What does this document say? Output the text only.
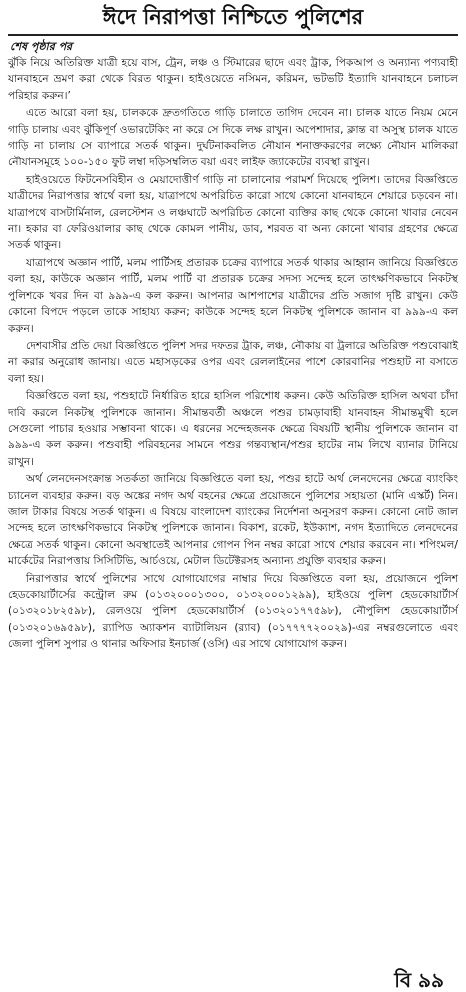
ঈদে নিরাপত্তা নিশ্চিতে পুলিশের
শেষ পৃষ্ঠার পর

ঝুঁকি নিয়ে অতিরিক্ত যাত্রী হয়ে বাস, ট্রেন, লঞ্চ ও স্টিমারের ছাদে এবং ট্রাক, পিকআপ ও অন্যান্য পণ্যবাহী যানবাহনে ভ্রমণ করা থেকে বিরত থাকুন। হাইওয়েতে নসিমন, করিমন, ভটভটি ইত্যাদি যানবাহনে চলাচল পরিহার করুন।’

এতে আরো বলা হয়, চালককে দ্রুতগতিতে গাড়ি চালাতে তাগিদ দেবেন না। চালক যাতে নিয়ম মেনে গাড়ি চালায় এবং ঝুঁকিপূর্ণ ওভারটেকিং না করে সে দিকে লক্ষ রাখুন। অপেশাদার, ক্লান্ত বা অসুস্থ চালক যাতে গাড়ি না চালায় সে ব্যাপারে সতর্ক থাকুন। দুর্ঘটনাকবলিত নৌযান শনাক্তকরণের লক্ষ্যে নৌযান মালিকরা নৌযানসমূহে ১০০-১৫০ ফুট লম্বা দড়িসম্বলিত বয়া এবং লাইফ জ্যাকেটের ব্যবস্থা রাখুন।

হাইওয়েতে ফিটনেসবিহীন ও মেয়াদোত্তীর্ণ গাড়ি না চালানোর পরামর্শ দিয়েছে পুলিশ। তাদের বিজ্ঞপ্তিতে যাত্রীদের নিরাপত্তার স্বার্থে বলা হয়, যাত্রাপথে অপরিচিত কারো সাথে কোনো যানবাহনে শেয়ারে চড়বেন না। যাত্রাপথে বাসটার্মিনাল, রেলস্টেশন ও লঞ্চঘাটে অপরিচিত কোনো ব্যক্তির কাছ থেকে কোনো খাবার নেবেন না। হকার বা ফেরিওয়ালার কাছ থেকে কোমল পানীয়, ডাব, শরবত বা অন্য কোনো খাবার গ্রহণের ক্ষেত্রে সতর্ক থাকুন।

যাত্রাপথে অজ্ঞান পার্টি, মলম পার্টিসহ প্রতারক চক্রের ব্যাপারে সতর্ক থাকার আহ্বান জানিয়ে বিজ্ঞপ্তিতে বলা হয়, কাউকে অজ্ঞান পার্টি, মলম পার্টি বা প্রতারক চক্রের সদস্য সন্দেহ হলে তাৎক্ষণিকভাবে নিকটস্থ পুলিশকে খবর দিন বা ৯৯৯-এ কল করুন। আপনার আশপাশের যাত্রীদের প্রতি সজাগ দৃষ্টি রাখুন। কেউ কোনো বিপদে পড়লে তাকে সাহায্য করুন; কাউকে সন্দেহ হলে নিকটস্থ পুলিশকে জানান বা ৯৯৯-এ কল করুন।

দেশবাসীর প্রতি দেয়া বিজ্ঞপ্তিতে পুলিশ সদর দফতর ট্রাক, লঞ্চ, নৌকায় বা ট্রলারে অতিরিক্ত পশুবোঝাই না করার অনুরোধ জানায়। এতে মহাসড়কের ওপর এবং রেললাইনের পাশে কোরবানির পশুহাট না বসাতে বলা হয়।

বিজ্ঞপ্তিতে বলা হয়, পশুহাটে নির্ধারিত হারে হাসিল পরিশোধ করুন। কেউ অতিরিক্ত হাসিল অথবা চাঁদা দাবি করলে নিকটস্থ পুলিশকে জানান। সীমান্তবর্তী অঞ্চলে পশুর চামড়াবাহী যানবাহন সীমান্তমুখী হলে সেগুলো পাচার হওয়ার সম্ভাবনা থাকে। এ ধরনের সন্দেহজনক ক্ষেত্রে বিষয়টি স্থানীয় পুলিশকে জানান বা ৯৯৯-এ কল করুন। পশুবাহী পরিবহনের সামনে পশুর গন্তব্যস্থান/পশুর হাটের নাম লিখে ব্যানার টানিয়ে রাখুন।

অর্থ লেনদেনসংক্রান্ত সতর্কতা জানিয়ে বিজ্ঞপ্তিতে বলা হয়, পশুর হাটে অর্থ লেনদেনের ক্ষেত্রে ব্যাংকিং চ্যানেল ব্যবহার করুন। বড় অঙ্কের নগদ অর্থ বহনের ক্ষেত্রে প্রয়োজনে পুলিশের সহায়তা (মানি এস্কর্ট) নিন। জাল টাকার বিষয়ে সতর্ক থাকুন। এ বিষয়ে বাংলাদেশ ব্যাংকের নির্দেশনা অনুসরণ করুন। কোনো নোট জাল সন্দেহ হলে তাৎক্ষণিকভাবে নিকটস্থ পুলিশকে জানান। বিকাশ, রকেট, ইউক্যাশ, নগদ ইত্যাদিতে লেনদেনের ক্ষেত্রে সতর্ক থাকুন। কোনো অবস্থাতেই আপনার গোপন পিন নম্বর কারো সাথে শেয়ার করবেন না। শপিংমল/মার্কেটের নিরাপত্তায় সিসিটিভি, আর্চওয়ে, মেটাল ডিটেক্টরসহ অন্যান্য প্রযুক্তি ব্যবহার করুন।

নিরাপত্তার স্বার্থে পুলিশের সাথে যোগাযোগের নাম্বার দিয়ে বিজ্ঞপ্তিতে বলা হয়, প্রয়োজনে পুলিশ হেডকোয়ার্টার্সের কন্ট্রোল রুম (০১৩২০০০১৩০০, ০১৩২০০০১২৯৯), হাইওয়ে পুলিশ হেডকোয়ার্টার্স (০১৩২০১৮২৫৯৮), রেলওয়ে পুলিশ হেডকোয়ার্টার্স (০১৩২০১৭৭৫৯৮), নৌপুলিশ হেডকোয়ার্টার্স (০১৩২০১৬৯৫৯৮), র‍্যাপিড অ্যাকশন ব্যাটালিয়ন (র‍্যাব) (০১৭৭৭৭২০০২৯)-এর নম্বরগুলোতে এবং জেলা পুলিশ সুপার ও থানার অফিসার ইনচার্জ (ওসি) এর সাথে যোগাযোগ করুন।

বি ৯৯
